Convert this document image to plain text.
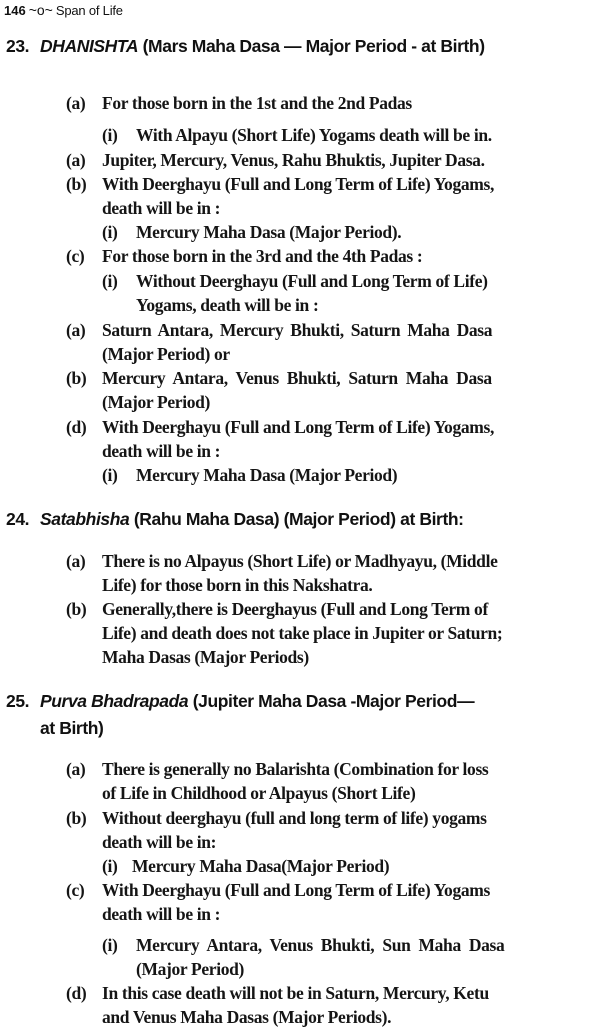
146 ~o~ Span of Life
23. DHANISHTA (Mars Maha Dasa — Major Period - at Birth)
(a) For those born in the 1st and the 2nd Padas
(i) With Alpayu (Short Life) Yogams death will be in.
(a) Jupiter, Mercury, Venus, Rahu Bhuktis, Jupiter Dasa.
(b) With Deerghayu (Full and Long Term of Life) Yogams,
death will be in :
(i) Mercury Maha Dasa (Major Period).
(c) For those born in the 3rd and the 4th Padas :
(i) Without Deerghayu (Full and Long Term of Life)
Yogams, death will be in :
(a) Saturn Antara, Mercury Bhukti, Saturn Maha Dasa
(Major Period) or
(b) Mercury Antara, Venus Bhukti, Saturn Maha Dasa
(Major Period)
(d) With Deerghayu (Full and Long Term of Life) Yogams,
death will be in :
(i) Mercury Maha Dasa (Major Period)
24. Satabhisha (Rahu Maha Dasa) (Major Period) at Birth:
(a) There is no Alpayus (Short Life) or Madhyayu, (Middle
Life) for those born in this Nakshatra.
(b) Generally,there is Deerghayus (Full and Long Term of
Life) and death does not take place in Jupiter or Saturn;
Maha Dasas (Major Periods)
25. Purva Bhadrapada (Jupiter Maha Dasa -Major Period—
at Birth)
(a) There is generally no Balarishta (Combination for loss
of Life in Childhood or Alpayus (Short Life)
(b) Without deerghayu (full and long term of life) yogams
death will be in:
(i) Mercury Maha Dasa(Major Period)
(c) With Deerghayu (Full and Long Term of Life) Yogams
death will be in :
(i) Mercury Antara, Venus Bhukti, Sun Maha Dasa
(Major Period)
(d) In this case death will not be in Saturn, Mercury, Ketu
and Venus Maha Dasas (Major Periods).
